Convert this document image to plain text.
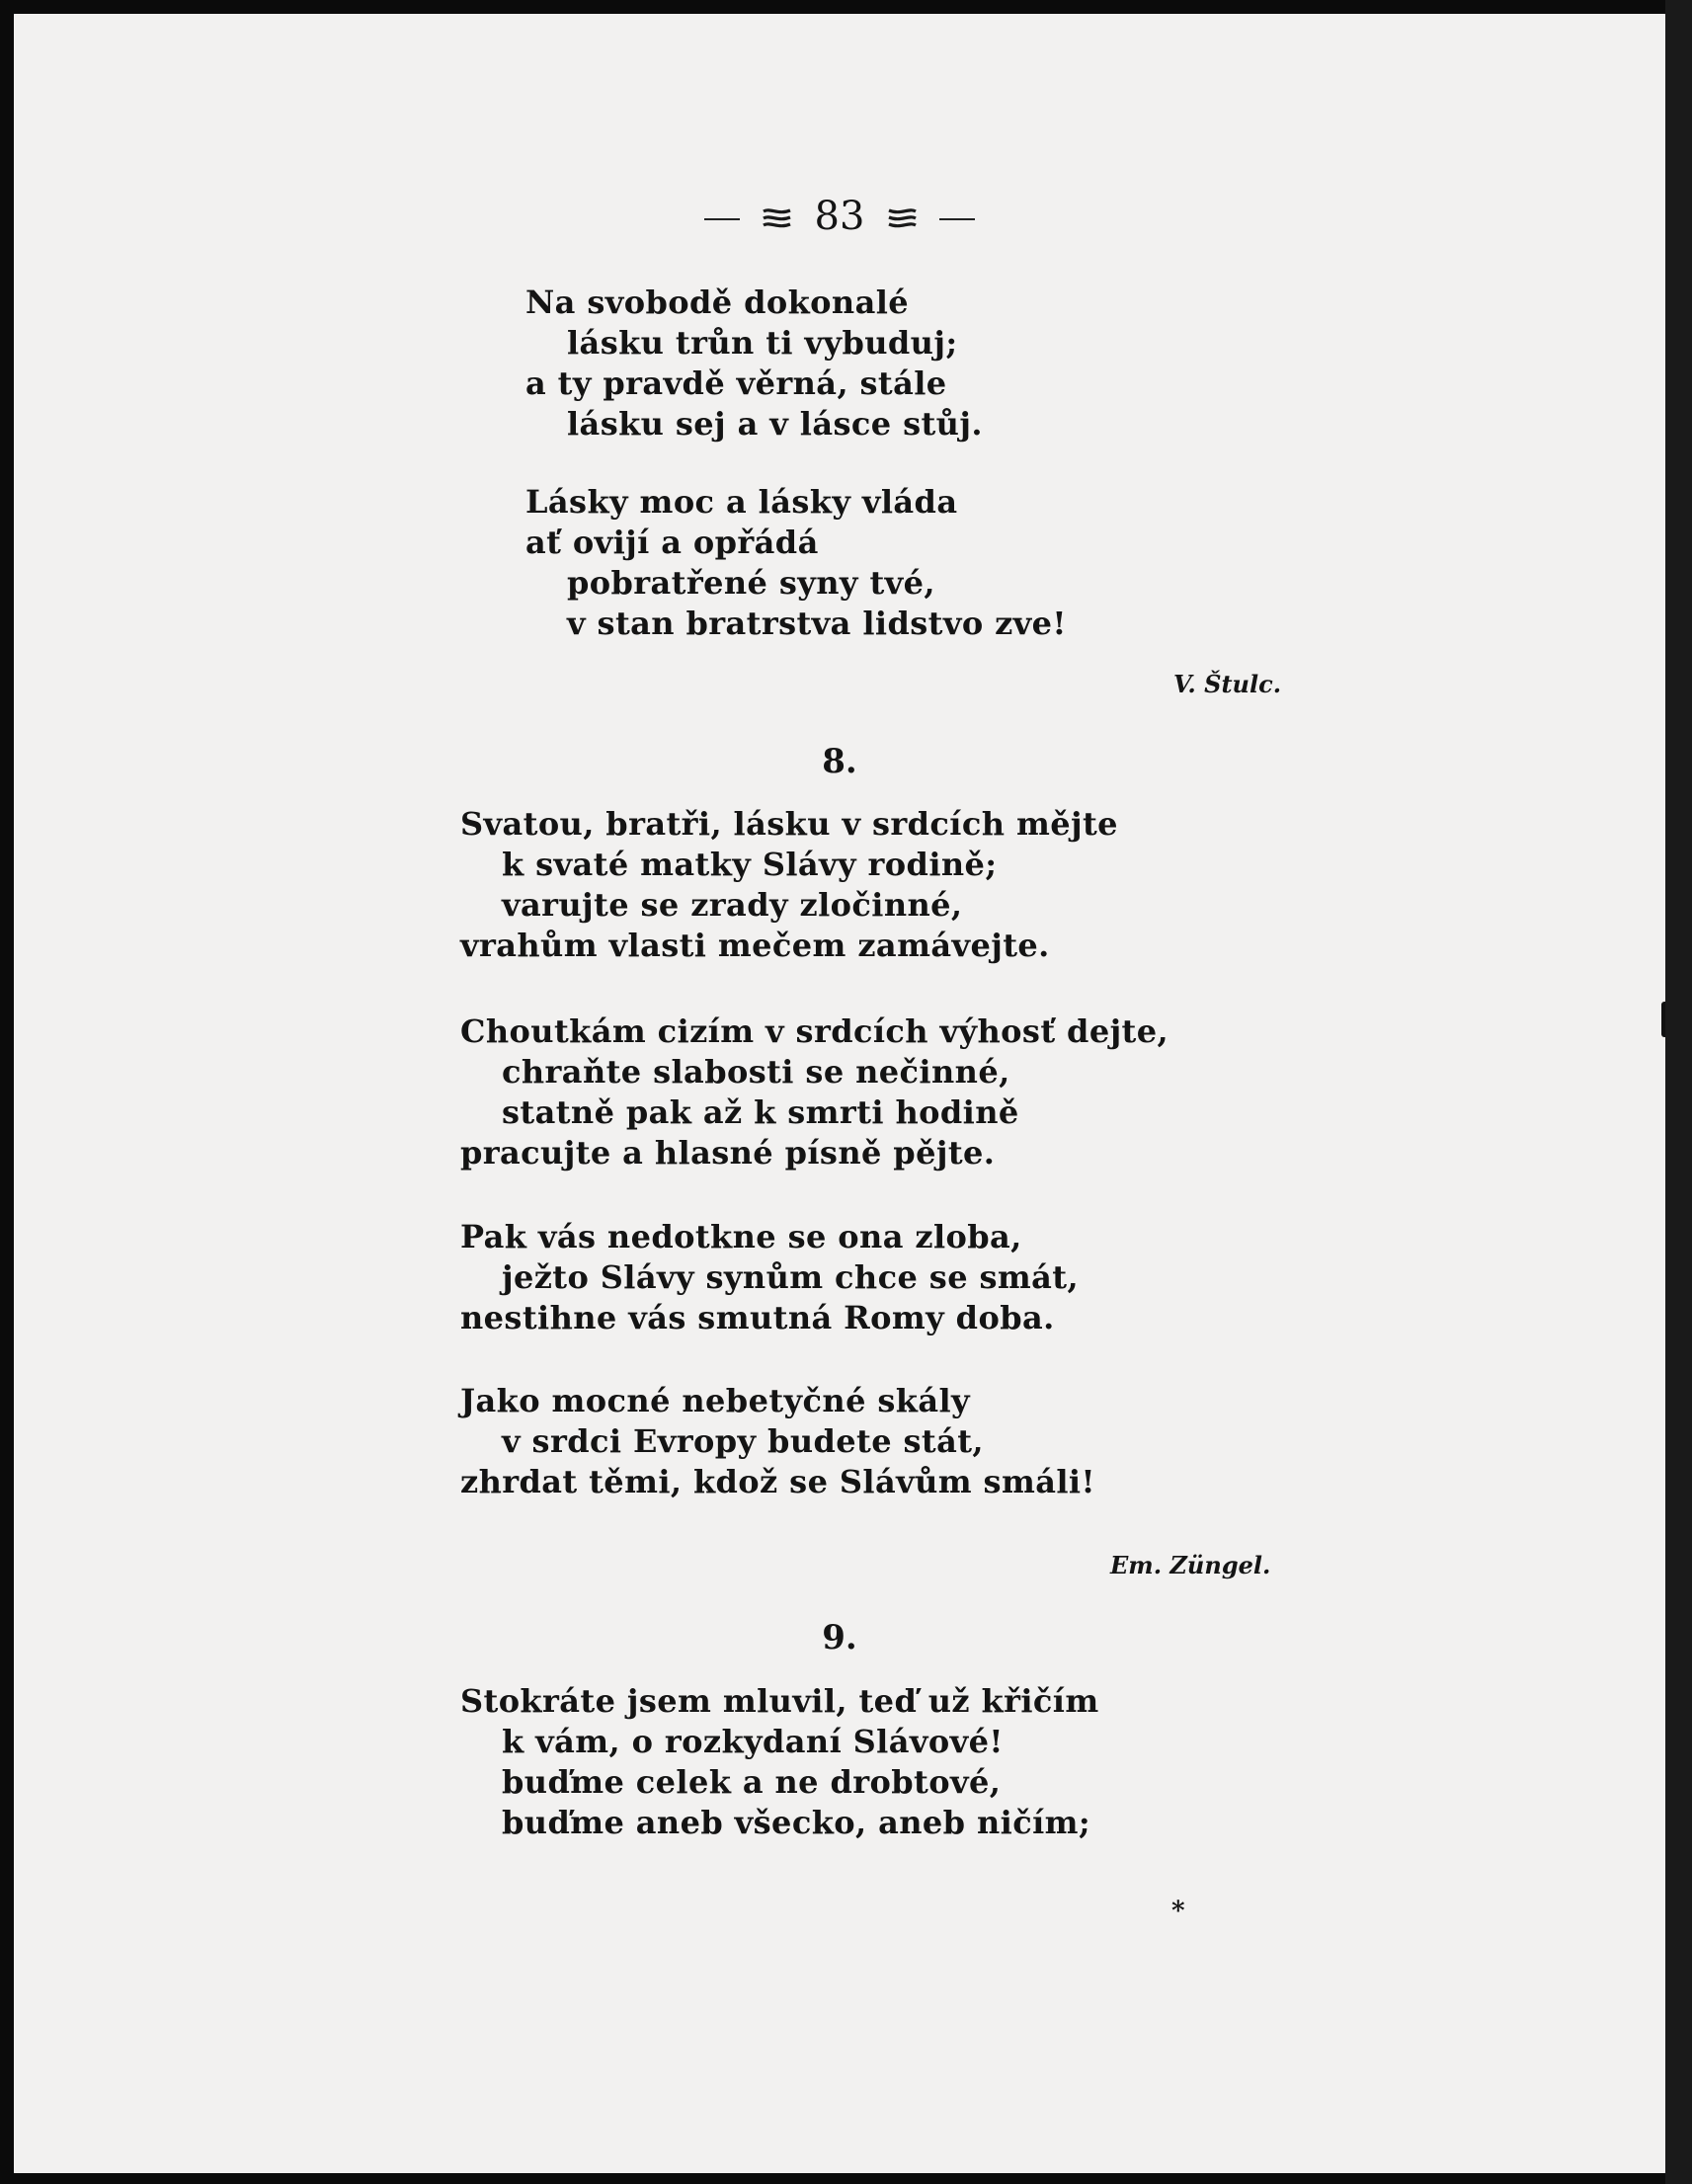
83
Na svobodě dokonalé
lásku trůn ti vybuduj;
a ty pravdě věrná, stále
lásku sej a v lásce stůj.
Lásky moc a lásky vláda
ať ovijí a opřádá
pobratřené syny tvé,
v stan bratrstva lidstvo zve!
V. Štulc.
8.
Svatou, bratři, lásku v srdcích mějte
k svaté matky Slávy rodině;
varujte se zrady zločinné,
vrahům vlasti mečem zamávejte.
Choutkám cizím v srdcích výhosť dejte,
chraňte slabosti se nečinné,
statně pak až k smrti hodině
pracujte a hlasné písně pějte.
Pak vás nedotkne se ona zloba,
ježto Slávy synům chce se smát,
nestihne vás smutná Romy doba.
Jako mocné nebetyčné skály
v srdci Evropy budete stát,
zhrdat těmi, kdož se Slávům smáli!
Em. Züngel.
9.
Stokráte jsem mluvil, teď už křičím
k vám, o rozkydaní Slávové!
buďme celek a ne drobtové,
buďme aneb všecko, aneb ničím;
*
